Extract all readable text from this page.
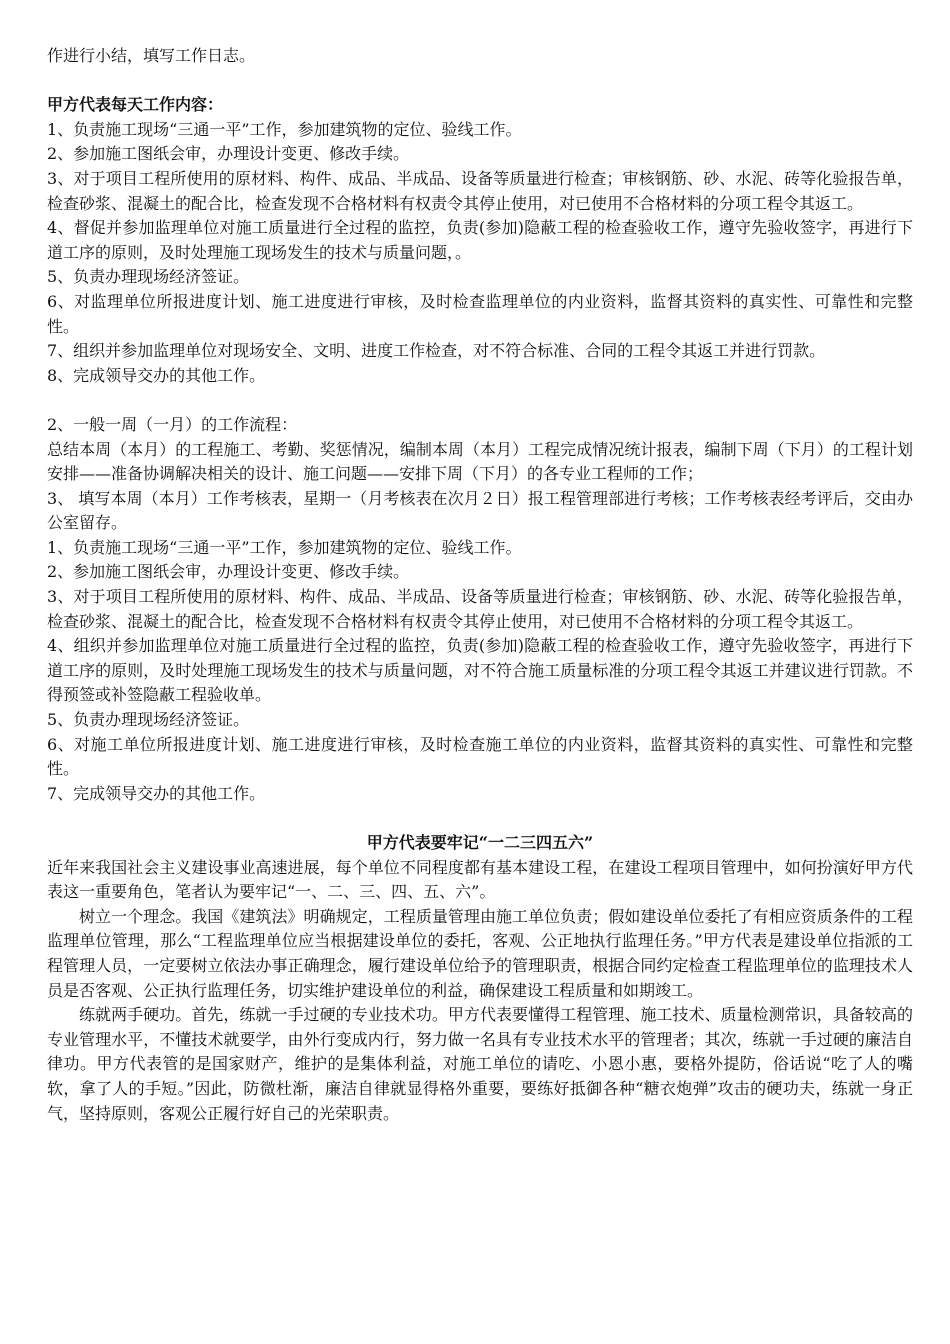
作进行小结，填写工作日志。

甲方代表每天工作内容：

1、负责施工现场“三通一平”工作，参加建筑物的定位、验线工作。

2、参加施工图纸会审，办理设计变更、修改手续。

3、对于项目工程所使用的原材料、构件、成品、半成品、设备等质量进行检查；审核钢筋、砂、水泥、砖等化验报告单，检查砂浆、混凝土的配合比，检查发现不合格材料有权责令其停止使用，对已使用不合格材料的分项工程令其返工。

4、督促并参加监理单位对施工质量进行全过程的监控，负责(参加)隐蔽工程的检查验收工作，遵守先验收签字，再进行下道工序的原则，及时处理施工现场发生的技术与质量问题，。

5、负责办理现场经济签证。

6、对监理单位所报进度计划、施工进度进行审核，及时检查监理单位的内业资料，监督其资料的真实性、可靠性和完整性。

7、组织并参加监理单位对现场安全、文明、进度工作检查，对不符合标准、合同的工程令其返工并进行罚款。

8、完成领导交办的其他工作。

2、一般一周（一月）的工作流程：

总结本周（本月）的工程施工、考勤、奖惩情况，编制本周（本月）工程完成情况统计报表，编制下周（下月）的工程计划安排——准备协调解决相关的设计、施工问题——安排下周（下月）的各专业工程师的工作；

3、 填写本周（本月）工作考核表，星期一（月考核表在次月２日）报工程管理部进行考核；工作考核表经考评后，交由办公室留存。

1、负责施工现场“三通一平”工作，参加建筑物的定位、验线工作。

2、参加施工图纸会审，办理设计变更、修改手续。

3、对于项目工程所使用的原材料、构件、成品、半成品、设备等质量进行检查；审核钢筋、砂、水泥、砖等化验报告单，检查砂浆、混凝土的配合比，检查发现不合格材料有权责令其停止使用，对已使用不合格材料的分项工程令其返工。

4、组织并参加监理单位对施工质量进行全过程的监控，负责(参加)隐蔽工程的检查验收工作，遵守先验收签字，再进行下道工序的原则，及时处理施工现场发生的技术与质量问题，对不符合施工质量标准的分项工程令其返工并建议进行罚款。不得预签或补签隐蔽工程验收单。

5、负责办理现场经济签证。

6、对施工单位所报进度计划、施工进度进行审核，及时检查施工单位的内业资料，监督其资料的真实性、可靠性和完整性。

7、完成领导交办的其他工作。

甲方代表要牢记“一二三四五六”

近年来我国社会主义建设事业高速进展，每个单位不同程度都有基本建设工程，在建设工程项目管理中，如何扮演好甲方代表这一重要角色，笔者认为要牢记“一、二、三、四、五、六”。

树立一个理念。我国《建筑法》明确规定，工程质量管理由施工单位负责；假如建设单位委托了有相应资质条件的工程监理单位管理，那么“工程监理单位应当根据建设单位的委托，客观、公正地执行监理任务。”甲方代表是建设单位指派的工程管理人员，一定要树立依法办事正确理念，履行建设单位给予的管理职责，根据合同约定检查工程监理单位的监理技术人员是否客观、公正执行监理任务，切实维护建设单位的利益，确保建设工程质量和如期竣工。

练就两手硬功。首先，练就一手过硬的专业技术功。甲方代表要懂得工程管理、施工技术、质量检测常识，具备较高的专业管理水平，不懂技术就要学，由外行变成内行，努力做一名具有专业技术水平的管理者；其次，练就一手过硬的廉洁自律功。甲方代表管的是国家财产，维护的是集体利益，对施工单位的请吃、小恩小惠，要格外提防，俗话说“吃了人的嘴软，拿了人的手短。”因此，防微杜渐，廉洁自律就显得格外重要，要练好抵御各种“糖衣炮弹”攻击的硬功夫，练就一身正气，坚持原则，客观公正履行好自己的光荣职责。
